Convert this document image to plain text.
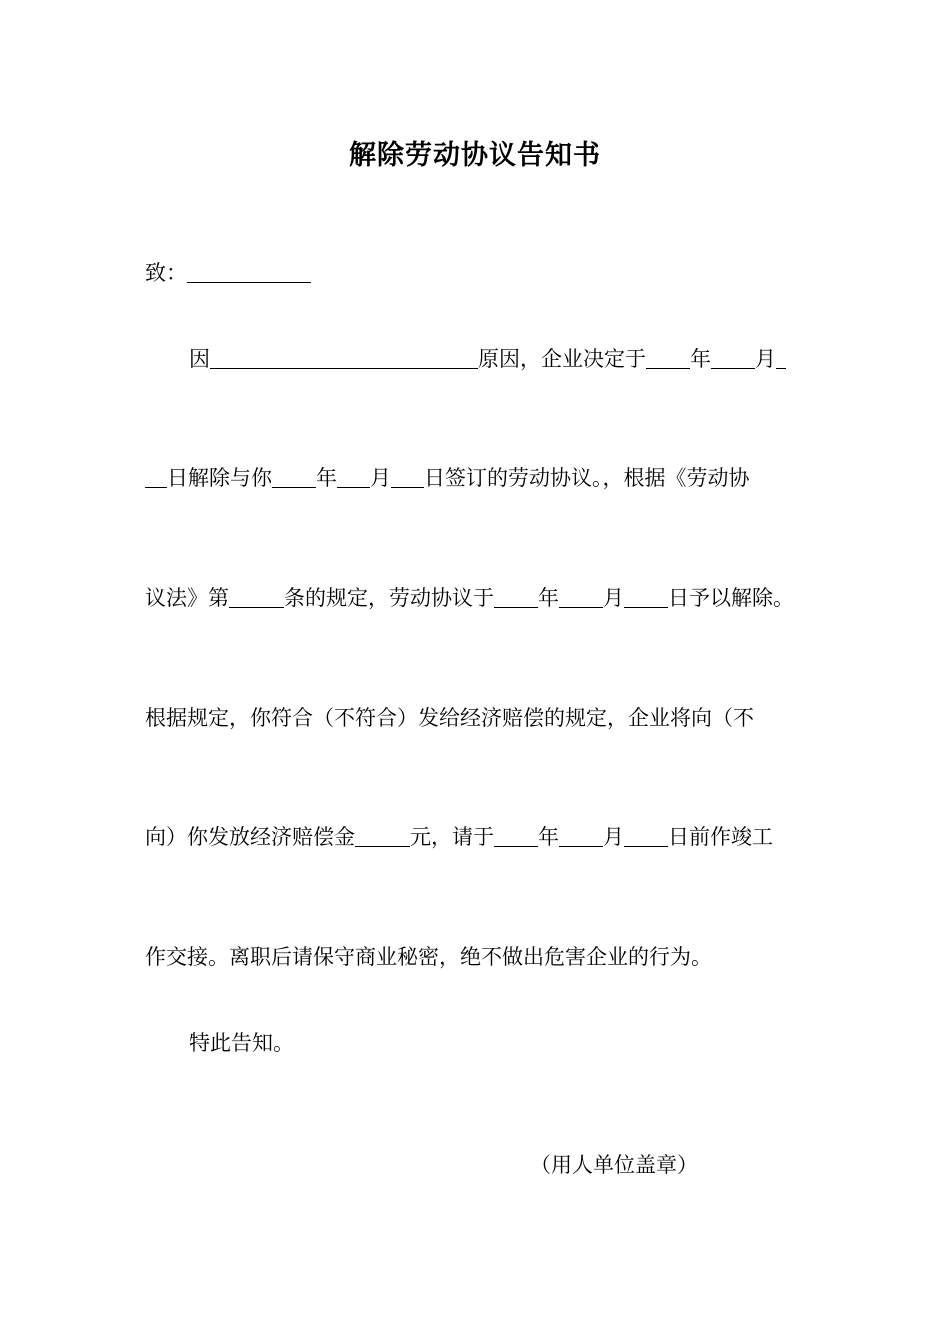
解除劳动协议告知书
致：
因	原因，企业决定于 年 月
日解除与你 年 月 日签订的劳动协议。，根据《劳动协
议法》第	条的规定，劳动协议于 年 月 日予以解除。
根据规定，你符合（不符合）发给经济赔偿的规定，企业将向（不
向）你发放经济赔偿金	元，请于 年 月 日前作竣工
作交接。离职后请保守商业秘密，绝不做出危害企业的行为。
特此告知。
（用人单位盖章）
